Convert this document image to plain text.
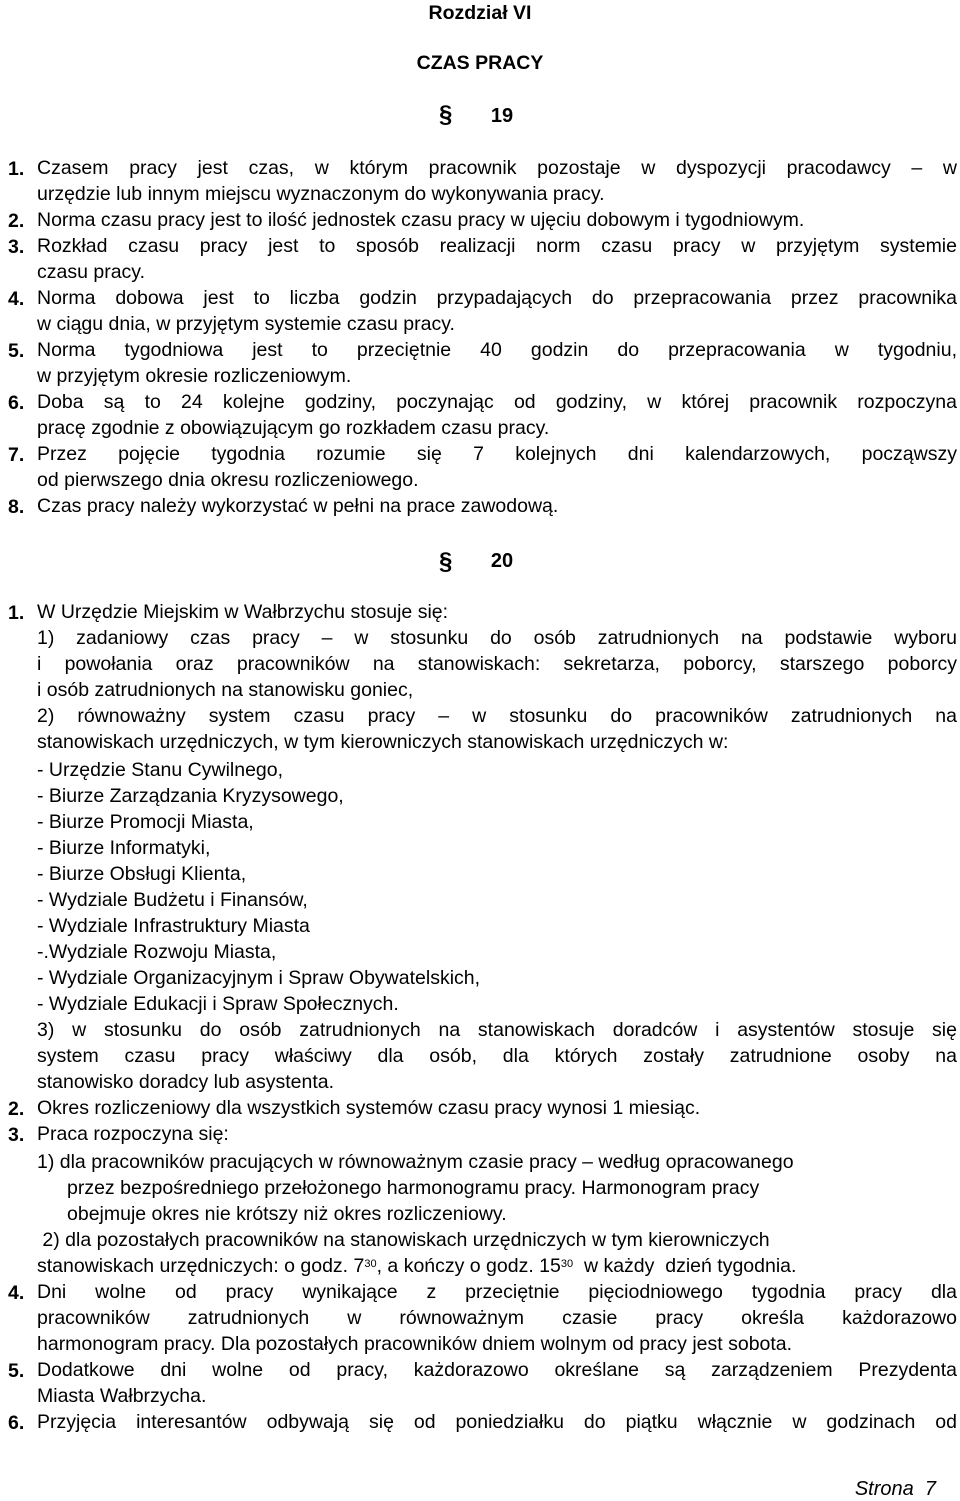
Rozdział VI
CZAS PRACY
§	19
1. Czasem pracy jest czas, w którym pracownik pozostaje w dyspozycji pracodawcy – w
urzędzie lub innym miejscu wyznaczonym do wykonywania pracy.
2. Norma czasu pracy jest to ilość jednostek czasu pracy w ujęciu dobowym i tygodniowym.
3. Rozkład czasu pracy jest to sposób realizacji norm czasu pracy w przyjętym systemie
czasu pracy.
4. Norma dobowa jest to liczba godzin przypadających do przepracowania przez pracownika
w ciągu dnia, w przyjętym systemie czasu pracy.
5. Norma tygodniowa jest to przeciętnie 40 godzin do przepracowania w tygodniu,
w przyjętym okresie rozliczeniowym.
6. Doba są to 24 kolejne godziny, poczynając od godziny, w której pracownik rozpoczyna
pracę zgodnie z obowiązującym go rozkładem czasu pracy.
7. Przez pojęcie tygodnia rozumie się 7 kolejnych dni kalendarzowych, począwszy
od pierwszego dnia okresu rozliczeniowego.
8. Czas pracy należy wykorzystać w pełni na prace zawodową.
§	20
1. W Urzędzie Miejskim w Wałbrzychu stosuje się:
1) zadaniowy czas pracy – w stosunku do osób zatrudnionych na podstawie wyboru
i powołania oraz pracowników na stanowiskach: sekretarza, poborcy, starszego poborcy
i osób zatrudnionych na stanowisku goniec,
2) równoważny system czasu pracy – w stosunku do pracowników zatrudnionych na
stanowiskach urzędniczych, w tym kierowniczych stanowiskach urzędniczych w:
- Urzędzie Stanu Cywilnego,
- Biurze Zarządzania Kryzysowego,
- Biurze Promocji Miasta,
- Biurze Informatyki,
- Biurze Obsługi Klienta,
- Wydziale Budżetu i Finansów,
- Wydziale Infrastruktury Miasta
-.Wydziale Rozwoju Miasta,
- Wydziale Organizacyjnym i Spraw Obywatelskich,
- Wydziale Edukacji i Spraw Społecznych.
3) w stosunku do osób zatrudnionych na stanowiskach doradców i asystentów stosuje się
system czasu pracy właściwy dla osób, dla których zostały zatrudnione osoby na
stanowisko doradcy lub asystenta.
2. Okres rozliczeniowy dla wszystkich systemów czasu pracy wynosi 1 miesiąc.
3. Praca rozpoczyna się:
1) dla pracowników pracujących w równoważnym czasie pracy – według opracowanego
przez bezpośredniego przełożonego harmonogramu pracy. Harmonogram pracy
obejmuje okres nie krótszy niż okres rozliczeniowy.
2) dla pozostałych pracowników na stanowiskach urzędniczych w tym kierowniczych
stanowiskach urzędniczych: o godz. $7^{30}$, a kończy o godz. $15^{30}$  w każdy  dzień tygodnia.
4. Dni wolne od pracy wynikające z przeciętnie pięciodniowego tygodnia pracy dla
pracowników zatrudnionych w równoważnym czasie pracy określa każdorazowo
harmonogram pracy. Dla pozostałych pracowników dniem wolnym od pracy jest sobota.
5. Dodatkowe dni wolne od pracy, każdorazowo określane są zarządzeniem Prezydenta
Miasta Wałbrzycha.
6. Przyjęcia interesantów odbywają się od poniedziałku do piątku włącznie w godzinach od
Strona  7
